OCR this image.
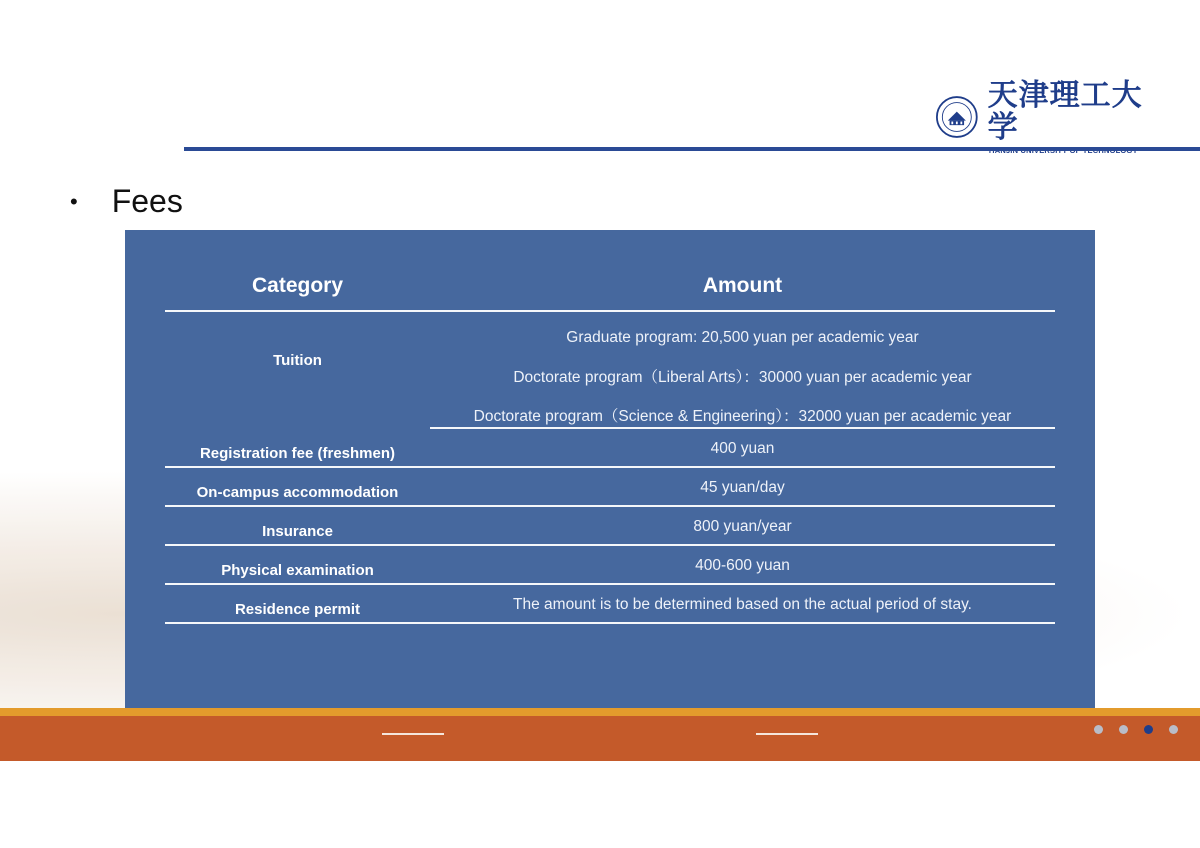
天津理工大学
• Fees
Category	Amount
Tuition
Graduate program: 20,500 yuan per academic year
Doctorate program（Liberal Arts）：30000 yuan per academic year
Doctorate program（Science & Engineering）：32000 yuan per academic year
Registration fee (freshmen)	400 yuan
On-campus accommodation	45 yuan/day
Insurance	800 yuan/year
Physical examination	400-600 yuan
Residence permit	The amount is to be determined based on the actual period of stay.
